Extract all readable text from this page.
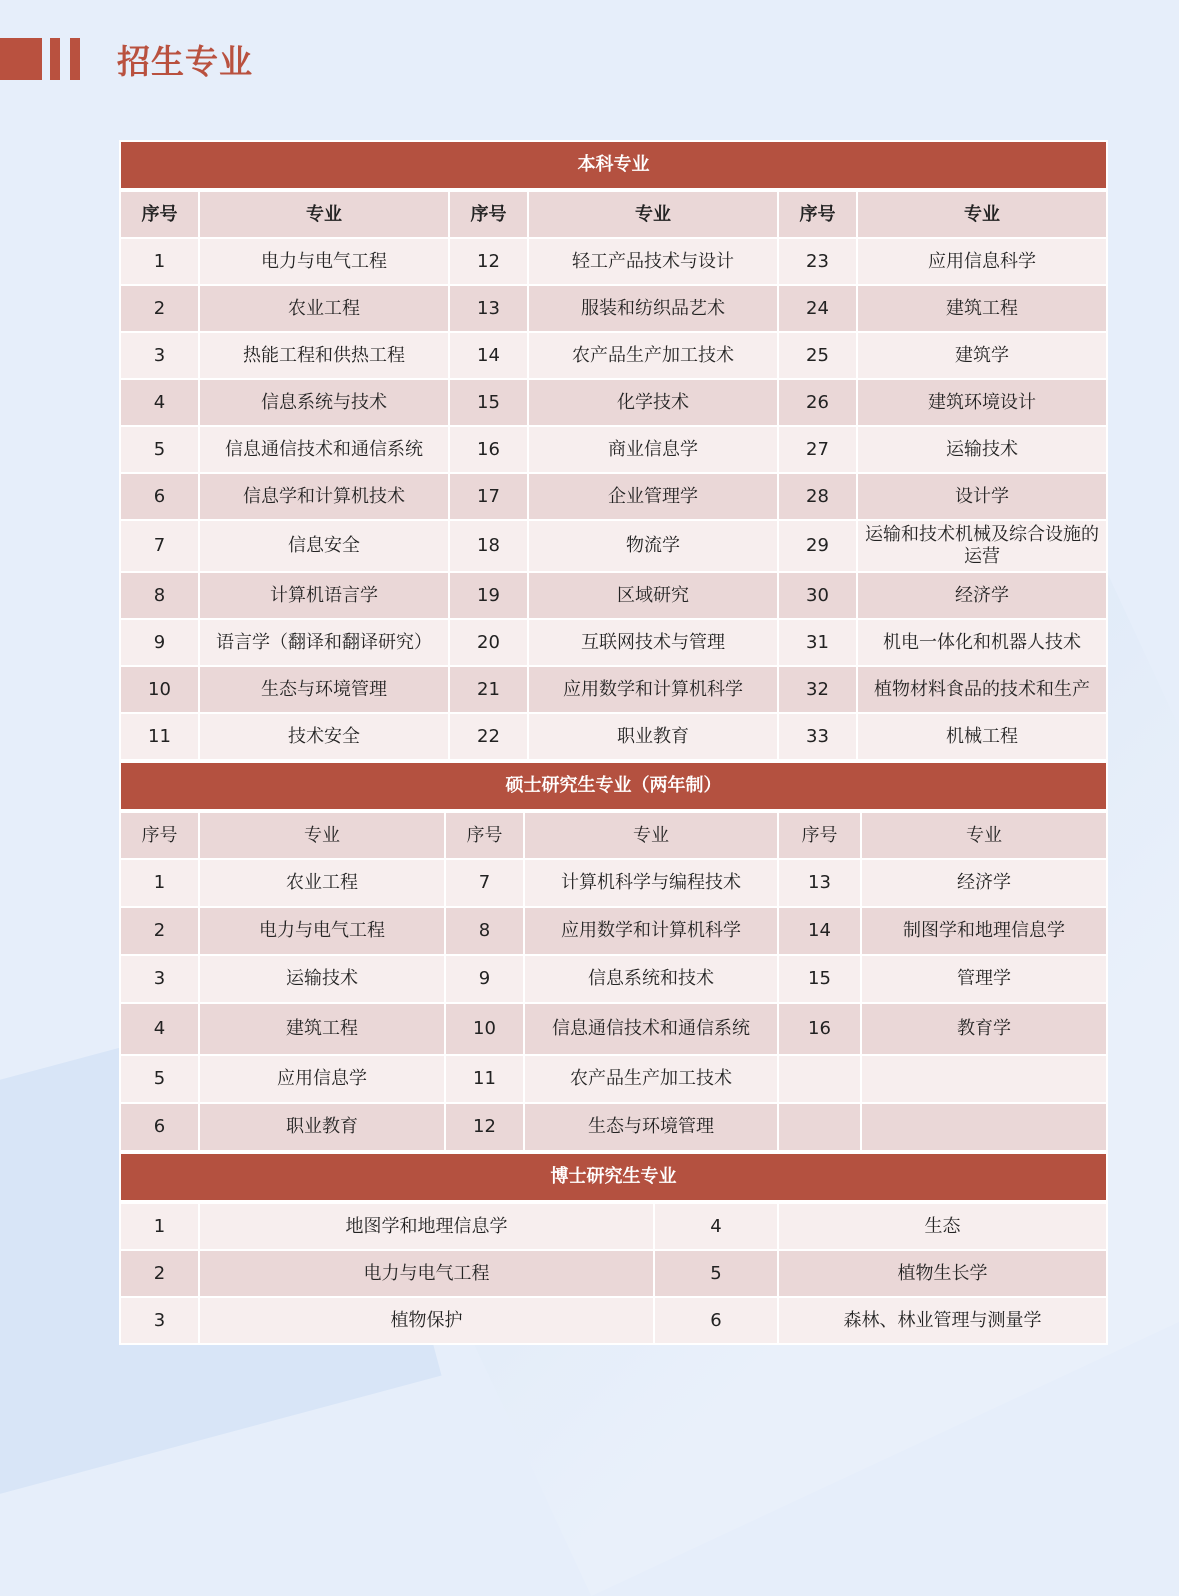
招生专业
本科专业					
序号	专业	序号	专业	序号	专业
1	电力与电气工程	12	轻工产品技术与设计	23	应用信息科学
2	农业工程	13	服装和纺织品艺术	24	建筑工程
3	热能工程和供热工程	14	农产品生产加工技术	25	建筑学
4	信息系统与技术	15	化学技术	26	建筑环境设计
5	信息通信技术和通信系统	16	商业信息学	27	运输技术
6	信息学和计算机技术	17	企业管理学	28	设计学
7	信息安全	18	物流学	29	运输和技术机械及综合设施的运营
8	计算机语言学	19	区域研究	30	经济学
9	语言学（翻译和翻译研究）	20	互联网技术与管理	31	机电一体化和机器人技术
10	生态与环境管理	21	应用数学和计算机科学	32	植物材料食品的技术和生产
11	技术安全	22	职业教育	33	机械工程
硕士研究生专业（两年制）					
序号	专业	序号	专业	序号	专业
1	农业工程	7	计算机科学与编程技术	13	经济学
2	电力与电气工程	8	应用数学和计算机科学	14	制图学和地理信息学
3	运输技术	9	信息系统和技术	15	管理学
4	建筑工程	10	信息通信技术和通信系统	16	教育学
5	应用信息学	11	农产品生产加工技术		
6	职业教育	12	生态与环境管理		
博士研究生专业			
1	地图学和地理信息学	4	生态
2	电力与电气工程	5	植物生长学
3	植物保护	6	森林、林业管理与测量学
